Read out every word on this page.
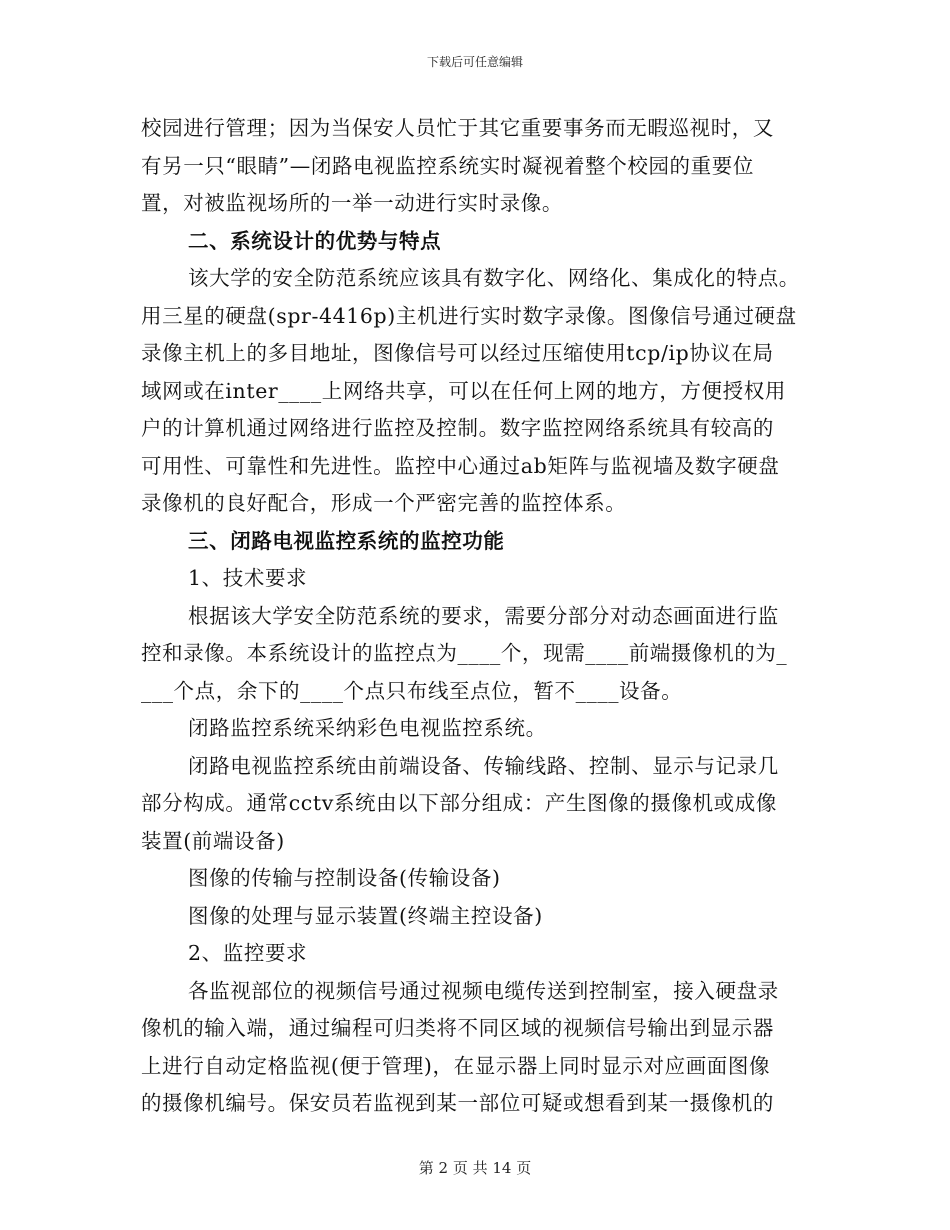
下载后可任意编辑
校园进行管理；因为当保安人员忙于其它重要事务而无暇巡视时，又
有另一只“眼睛”—闭路电视监控系统实时凝视着整个校园的重要位
置，对被监视场所的一举一动进行实时录像。
二、系统设计的优势与特点
该大学的安全防范系统应该具有数字化、网络化、集成化的特点。
用三星的硬盘(spr-4416p)主机进行实时数字录像。图像信号通过硬盘
录像主机上的多目地址，图像信号可以经过压缩使用tcp/ip协议在局
域网或在inter____上网络共享，可以在任何上网的地方，方便授权用
户的计算机通过网络进行监控及控制。数字监控网络系统具有较高的
可用性、可靠性和先进性。监控中心通过ab矩阵与监视墙及数字硬盘
录像机的良好配合，形成一个严密完善的监控体系。
三、闭路电视监控系统的监控功能
1、技术要求
根据该大学安全防范系统的要求，需要分部分对动态画面进行监
控和录像。本系统设计的监控点为____个，现需____前端摄像机的为_
___个点，余下的____个点只布线至点位，暂不____设备。
闭路监控系统采纳彩色电视监控系统。
闭路电视监控系统由前端设备、传输线路、控制、显示与记录几
部分构成。通常cctv系统由以下部分组成：产生图像的摄像机或成像
装置(前端设备)
图像的传输与控制设备(传输设备)
图像的处理与显示装置(终端主控设备)
2、监控要求
各监视部位的视频信号通过视频电缆传送到控制室，接入硬盘录
像机的输入端，通过编程可归类将不同区域的视频信号输出到显示器
上进行自动定格监视(便于管理)，在显示器上同时显示对应画面图像
的摄像机编号。保安员若监视到某一部位可疑或想看到某一摄像机的
第 2 页 共 14 页
